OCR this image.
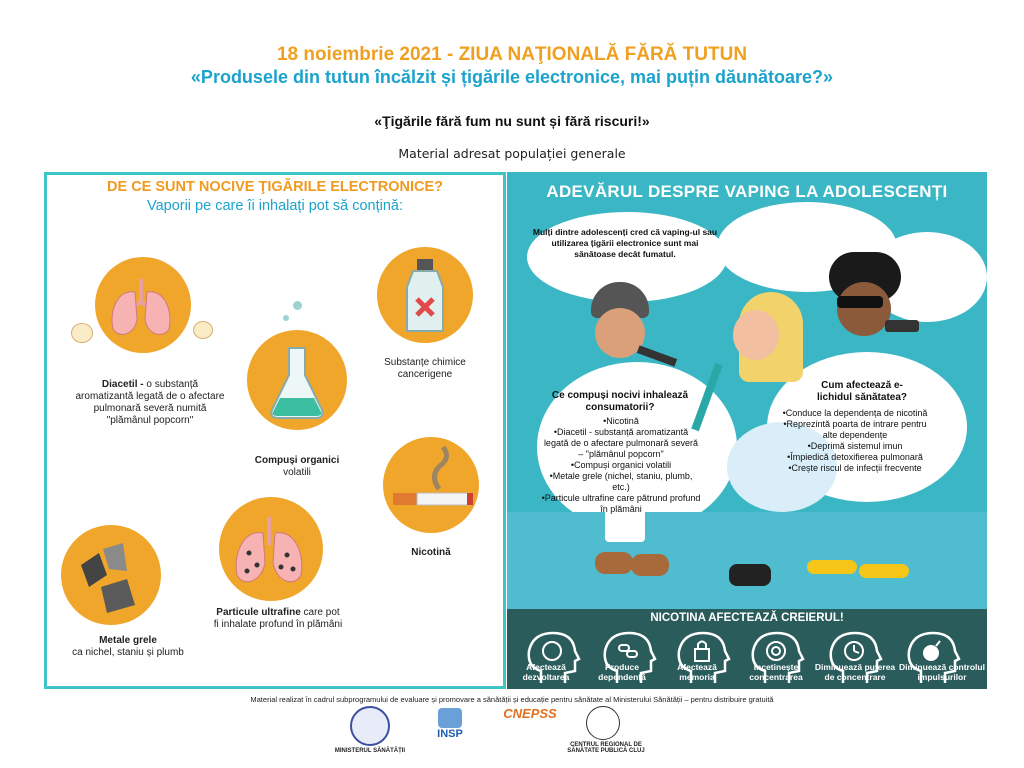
18 noiembrie 2021 - ZIUA NAŢIONALĂ FĂRĂ TUTUN
«Produsele din tutun încălzit și țigările electronice, mai puțin dăunătoare?»
«Ţigările fără fum nu sunt și fără riscuri!»
Material adresat populației generale
DE CE SUNT NOCIVE ŢIGĂRILE ELECTRONICE?
Vaporii pe care îi inhalați pot să conțină:
Diacetil - o substanță aromatizantă legată de o afectare pulmonară severă numită "plămânul popcorn"
Compuși organici
volatili
Substanțe chimice cancerigene
Nicotină
Particule ultrafine care pot fi inhalate profund în plămâni
Metale grele
ca nichel, staniu și plumb
ADEVĂRUL DESPRE VAPING LA ADOLESCENȚI
Mulți dintre adolescenți cred că vaping-ul sau utilizarea țigării electronice sunt mai sănătoase decât fumatul.
Ce compuși nocivi inhalează consumatorii?
•Nicotină
•Diacetil - substanță aromatizantă legată de o afectare pulmonară severă – "plămânul popcorn"
•Compuși organici volatili
•Metale grele (nichel, staniu, plumb, etc.)
•Particule ultrafine care pătrund profund în plămâni
Cum afectează e-lichidul sănătatea?
•Conduce la dependența de nicotină
•Reprezintă poarta de intrare pentru alte dependențe
•Deprimă sistemul imun
•Împiedică detoxifierea pulmonară
•Crește riscul de infecții frecvente
NICOTINA AFECTEAZĂ CREIERUL!
Afectează dezvoltarea
Produce dependență
Afectează memoria
Încetinește concentrarea
Diminuează puterea de concentrare
Diminuează controlul impulsurilor
Material realizat în cadrul subprogramului de evaluare și promovare a sănătății și educație pentru sănătate al Ministerului Sănătății – pentru distribuire gratuită
MINISTERUL SĂNĂTĂȚII
INSP
CNEPSS
CENTRUL REGIONAL DE SĂNĂTATE PUBLICĂ CLUJ
